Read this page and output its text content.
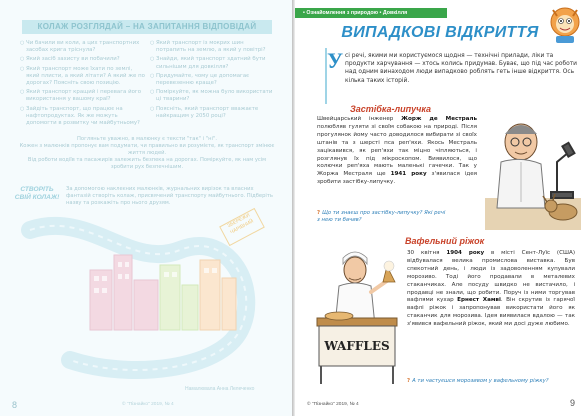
КОЛАЖ РОЗГЛЯДАЙ – НА ЗАПИТАННЯ ВІДПОВІДАЙ

○ Чи бачили ви коли, а цих транспортних засобах крига тріснула?

○ Який засіб захисту ви побачили?

○ Який транспорт може їхати по землі, який плисти, а який літати? А який же по дорогах? Поясніть свою позицію.

○ Який транспорт кращий і перевага його використання у вашому краї?

○ Зайдіть транспорт, що працює на нафтопродуктах. Як же можуть допомогти в розвитку чи майбутньому?

○ Який транспорт із мокрих шин потрапить на землю, а який у повітрі?

○ Знайди, який транспорт здатний бути сильнішим для довкілля?

○ Придумайте, чому це допомагає перевезенню краще?

○ Поміркуйте, як можна було використати ці тварини?

○ Поясніть, який транспорт вважаєте найкращим у 2050 році?

Погляньте уважно, в малюнку є тексти "так" і "ні".
Кожен з малюнків пропонує вам подумати, чи правильно ви розумієте, як транспорт змінює життя людей.
Від роботи водіїв та пасажирів залежить безпека на дорогах. Поміркуйте, як нам усім зробити рух безпечнішим.
СТВОРІТЬ СВІЙ КОЛАЖ!
За допомогою наклеєних малюнків, журнальних вирізок та власних фантазій створіть колаж, присвячений транспорту майбутнього. Підберіть назву та розкажіть про нього друзям.
ЗБЕРЕЖИ ЧАРІВНИЙ
Намалювала Анна Лелеченко
8	© "Пізнайко" 2019, № 4
• Ознайомлення з природою • Довкілля
ВИПАДКОВІ ВІДКРИТТЯ
У сі речі, якими ми користуємося щодня — технічні прилади, ліки та продукти харчування — хтось колись придумав. Буває, що під час роботи над одним винаходом люди випадково роблять геть інше відкриття. Ось кілька таких історій.
Застібка-липучка
Швейцарський інженер Жорж де Местраль полюбляв гуляти зі своїм собакою на природі. Після прогулянок йому часто доводилося вибирати зі своїх штанів та з шерсті пса реп'яхи. Якось Местраль зацікавився, як реп'яхи так міцно чіпляються, і розглянув їх під мікроскопом. Виявилося, що колючки реп'яха мають маленькі гачечки. Так у Жоржа Местраля ще 1941 року з'явилася ідея зробити застібку-липучку.
? Що ти знаєш про застібку-липучку? Які речі з нею ти бачив?
Вафельний ріжок
30 квітня 1904 року в місті Сент-Луїс (США) відбувалася велика промислова виставка. Був спекотний день, і люди із задоволенням купували морозиво. Тоді його продавали в металевих стаканчиках. Але посуду швидко не вистачило, і продавці не знали, що робити. Поруч із ними торгував вафлями кухар Ернест Хамві. Він скрутив із гарячої вафлі ріжок і запропонував використати його як стаканчик для морозива. Ідея виявилася вдалою — так з'явився вафельний ріжок, який ми досі дуже любимо.
? А ти частуєшся морозивом у вафельному ріжку?
WAFFLES
© "Пізнайко" 2019, № 4	9
